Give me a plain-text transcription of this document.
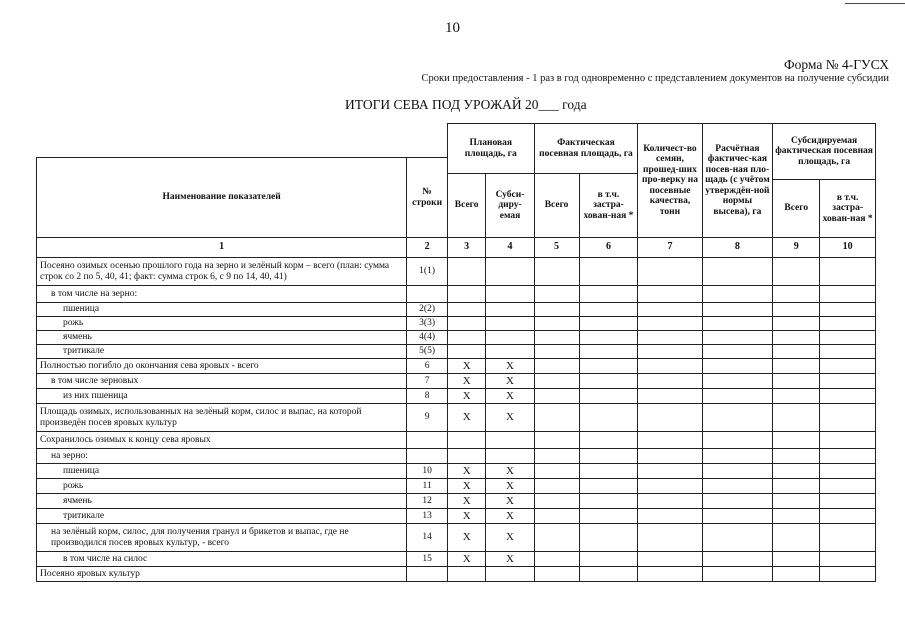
10
Форма № 4-ГУСХ
Сроки предоставления - 1 раз в год одновременно с представлением документов на получение субсидии
ИТОГИ СЕВА ПОД УРОЖАЙ 20___ года
		Плановая площадь, га		Фактическая посевная площадь, га		Количест-во семян, прошед-ших про-верку на посевные качества, тонн	Расчётная фактичес-кая посев-ная пло-щадь (с учётом утверждён-ной нормы высева), га	Субсидируемая фактическая посевная площадь, га	
Наименование показателей	№ строки								
		Всего	Субси-диру-емая	Всего	в т.ч. застра-хован-ная *				
								Всего	в т.ч. застра-хован-ная *
1	2	3	4	5	6	7	8	9	10
Посеяно озимых осенью прошлого года на зерно и зелёный корм – всего (план: сумма строк со 2 по 5, 40, 41; факт: сумма строк 6, с 9 по 14, 40, 41)	1(1)								
в том числе на зерно:									
пшеница	2(2)								
рожь	3(3)								
ячмень	4(4)								
тритикале	5(5)								
Полностью погибло до окончания сева яровых - всего	6	Х	Х						
в том числе зерновых	7	Х	Х						
из них пшеница	8	Х	Х						
Площадь озимых, использованных на зелёный корм, силос и выпас, на которой произведён посев яровых культур	9	Х	Х						
Сохранилось озимых к концу сева яровых									
на зерно:									
пшеница	10	Х	Х						
рожь	11	Х	Х						
ячмень	12	Х	Х						
тритикале	13	Х	Х						
на зелёный корм, силос, для получения гранул и брикетов и выпас, где не производился посев яровых культур, - всего	14	Х	Х						
в том числе на силос	15	Х	Х						
Посеяно яровых культур									
